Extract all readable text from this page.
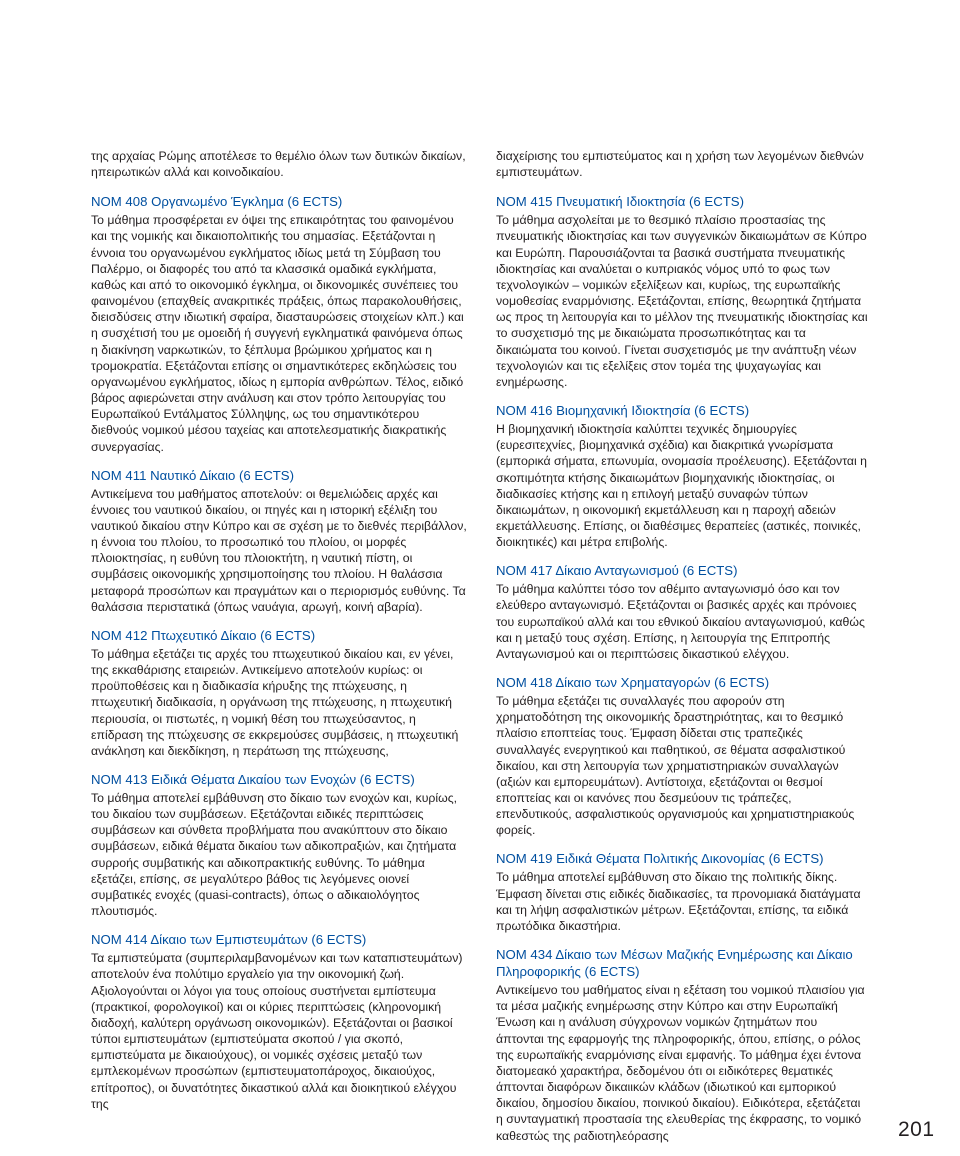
της αρχαίας Ρώμης αποτέλεσε το θεμέλιο όλων των δυτικών δικαίων, ηπειρωτικών αλλά και κοινοδικαίου.

ΝΟΜ 408 Οργανωμένο Έγκλημα (6 ECTS)

Το μάθημα προσφέρεται εν όψει της επικαιρότητας του φαινομένου και της νομικής και δικαιοπολιτικής του σημασίας. Εξετάζονται η έννοια του οργανωμένου εγκλήματος ιδίως μετά τη Σύμβαση του Παλέρμο, οι διαφορές του από τα κλασσικά ομαδικά εγκλήματα, καθώς και από το οικονομικό έγκλημα, οι δικονομικές συνέπειες του φαινομένου (επαχθείς ανακριτικές πράξεις, όπως παρακολουθήσεις, διεισδύσεις στην ιδιωτική σφαίρα, διασταυρώσεις στοιχείων κλπ.) και η συσχέτισή του με ομοειδή ή συγγενή εγκληματικά φαινόμενα όπως η διακίνηση ναρκωτικών, το ξέπλυμα βρώμικου χρήματος και η τρομοκρατία. Εξετάζονται επίσης οι σημαντικότερες εκδηλώσεις του οργανωμένου εγκλήματος, ιδίως η εμπορία ανθρώπων. Τέλος, ειδικό βάρος αφιερώνεται στην ανάλυση και στον τρόπο λειτουργίας του Ευρωπαϊκού Εντάλματος Σύλληψης, ως του σημαντικότερου διεθνούς νομικού μέσου ταχείας και αποτελεσματικής διακρατικής συνεργασίας.

ΝΟΜ 411 Ναυτικό Δίκαιο (6 ECTS)

Αντικείμενα του μαθήματος αποτελούν: οι θεμελιώδεις αρχές και έννοιες του ναυτικού δικαίου, οι πηγές και η ιστορική εξέλιξη του ναυτικού δικαίου στην Κύπρο και σε σχέση με το διεθνές περιβάλλον, η έννοια του πλοίου, το προσωπικό του πλοίου, οι μορφές πλοιοκτησίας, η ευθύνη του πλοιοκτήτη, η ναυτική πίστη, οι συμβάσεις οικονομικής χρησιμοποίησης του πλοίου. Η θαλάσσια μεταφορά προσώπων και πραγμάτων και ο περιορισμός ευθύνης. Τα θαλάσσια περιστατικά (όπως ναυάγια, αρωγή, κοινή αβαρία).

ΝΟΜ 412 Πτωχευτικό Δίκαιο (6 ECTS)

Το μάθημα εξετάζει τις αρχές του πτωχευτικού δικαίου και, εν γένει, της εκκαθάρισης εταιρειών. Αντικείμενο αποτελούν κυρίως: οι προϋποθέσεις και η διαδικασία κήρυξης της πτώχευσης, η πτωχευτική διαδικασία, η οργάνωση της πτώχευσης, η πτωχευτική περιουσία, οι πιστωτές, η νομική θέση του πτωχεύσαντος, η επίδραση της πτώχευσης σε εκκρεμούσες συμβάσεις, η πτωχευτική ανάκληση και διεκδίκηση, η περάτωση της πτώχευσης,

ΝΟΜ 413 Ειδικά Θέματα Δικαίου των Ενοχών (6 ECTS)

Το μάθημα αποτελεί εμβάθυνση στο δίκαιο των ενοχών και, κυρίως, του δικαίου των συμβάσεων. Εξετάζονται ειδικές περιπτώσεις συμβάσεων και σύνθετα προβλήματα που ανακύπτουν στο δίκαιο συμβάσεων, ειδικά θέματα δικαίου των αδικοπραξιών, και ζητήματα συρροής συμβατικής και αδικοπρακτικής ευθύνης. Το μάθημα εξετάζει, επίσης, σε μεγαλύτερο βάθος τις λεγόμενες οιονεί συμβατικές ενοχές (quasi-contracts), όπως ο αδικαιολόγητος πλουτισμός.

ΝΟΜ 414 Δίκαιο των Εμπιστευμάτων (6 ECTS)

Τα εμπιστεύματα (συμπεριλαμβανομένων και των καταπιστευμάτων) αποτελούν ένα πολύτιμο εργαλείο για την οικονομική ζωή. Αξιολογούνται οι λόγοι για τους οποίους συστήνεται εμπίστευμα (πρακτικοί, φορολογικοί) και οι κύριες περιπτώσεις (κληρονομική διαδοχή, καλύτερη οργάνωση οικονομικών). Εξετάζονται οι βασικοί τύποι εμπιστευμάτων (εμπιστεύματα σκοπού / για σκοπό, εμπιστεύματα με δικαιούχους), οι νομικές σχέσεις μεταξύ των εμπλεκομένων προσώπων (εμπιστευματοπάροχος, δικαιούχος, επίτροπος), οι δυνατότητες δικαστικού αλλά και διοικητικού ελέγχου της

διαχείρισης του εμπιστεύματος και η χρήση των λεγομένων διεθνών εμπιστευμάτων.

ΝΟΜ 415 Πνευματική Ιδιοκτησία (6 ECTS)

Το μάθημα ασχολείται με το θεσμικό πλαίσιο προστασίας της πνευματικής ιδιοκτησίας και των συγγενικών δικαιωμάτων σε Κύπρο και Ευρώπη. Παρουσιάζονται τα βασικά συστήματα πνευματικής ιδιοκτησίας και αναλύεται ο κυπριακός νόμος υπό το φως των τεχνολογικών – νομικών εξελίξεων και, κυρίως, της ευρωπαϊκής νομοθεσίας εναρμόνισης. Εξετάζονται, επίσης, θεωρητικά ζητήματα ως προς τη λειτουργία και το μέλλον της πνευματικής ιδιοκτησίας και το συσχετισμό της με δικαιώματα προσωπικότητας και τα δικαιώματα του κοινού. Γίνεται συσχετισμός με την ανάπτυξη νέων τεχνολογιών και τις εξελίξεις στον τομέα της ψυχαγωγίας και ενημέρωσης.

ΝΟΜ 416 Βιομηχανική Ιδιοκτησία (6 ECTS)

Η βιομηχανική ιδιοκτησία καλύπτει τεχνικές δημιουργίες (ευρεσιτεχνίες, βιομηχανικά σχέδια) και διακριτικά γνωρίσματα (εμπορικά σήματα, επωνυμία, ονομασία προέλευσης). Εξετάζονται η σκοπιμότητα κτήσης δικαιωμάτων βιομηχανικής ιδιοκτησίας, οι διαδικασίες κτήσης και η επιλογή μεταξύ συναφών τύπων δικαιωμάτων, η οικονομική εκμετάλλευση και η παροχή αδειών εκμετάλλευσης. Επίσης, οι διαθέσιμες θεραπείες (αστικές, ποινικές, διοικητικές) και μέτρα επιβολής.

ΝΟΜ 417 Δίκαιο Ανταγωνισμού (6 ECTS)

Το μάθημα καλύπτει τόσο τον αθέμιτο ανταγωνισμό όσο και τον ελεύθερο ανταγωνισμό. Εξετάζονται οι βασικές αρχές και πρόνοιες του ευρωπαϊκού αλλά και του εθνικού δικαίου ανταγωνισμού, καθώς και η μεταξύ τους σχέση. Επίσης, η λειτουργία της Επιτροπής Ανταγωνισμού και οι περιπτώσεις δικαστικού ελέγχου.

ΝΟΜ 418 Δίκαιο των Χρηματαγορών (6 ECTS)

Το μάθημα εξετάζει τις συναλλαγές που αφορούν στη χρηματοδότηση της οικονομικής δραστηριότητας, και το θεσμικό πλαίσιο εποπτείας τους. Έμφαση δίδεται στις τραπεζικές συναλλαγές ενεργητικού και παθητικού, σε θέματα ασφαλιστικού δικαίου, και στη λειτουργία των χρηματιστηριακών συναλλαγών (αξιών και εμπορευμάτων). Αντίστοιχα, εξετάζονται οι θεσμοί εποπτείας και οι κανόνες που δεσμεύουν τις τράπεζες, επενδυτικούς, ασφαλιστικούς οργανισμούς και χρηματιστηριακούς φορείς.

ΝΟΜ 419 Ειδικά Θέματα Πολιτικής Δικονομίας (6 ECTS)

Το μάθημα αποτελεί εμβάθυνση στο δίκαιο της πολιτικής δίκης. Έμφαση δίνεται στις ειδικές διαδικασίες, τα προνομιακά διατάγματα και τη λήψη ασφαλιστικών μέτρων. Εξετάζονται, επίσης, τα ειδικά πρωτόδικα δικαστήρια.

ΝΟΜ 434 Δίκαιο των Μέσων Μαζικής Ενημέρωσης και Δίκαιο Πληροφορικής (6 ECTS)

Αντικείμενο του μαθήματος είναι η εξέταση του νομικού πλαισίου για τα μέσα μαζικής ενημέρωσης στην Κύπρο και στην Ευρωπαϊκή Ένωση και η ανάλυση σύγχρονων νομικών ζητημάτων που άπτονται της εφαρμογής της πληροφορικής, όπου, επίσης, ο ρόλος της ευρωπαϊκής εναρμόνισης είναι εμφανής. Το μάθημα έχει έντονα διατομεακό χαρακτήρα, δεδομένου ότι οι ειδικότερες θεματικές άπτονται διαφόρων δικαιικών κλάδων (ιδιωτικού και εμπορικού δικαίου, δημοσίου δικαίου, ποινικού δικαίου). Ειδικότερα, εξετάζεται η συνταγματική προστασία της ελευθερίας της έκφρασης, το νομικό καθεστώς της ραδιοτηλεόρασης	201
